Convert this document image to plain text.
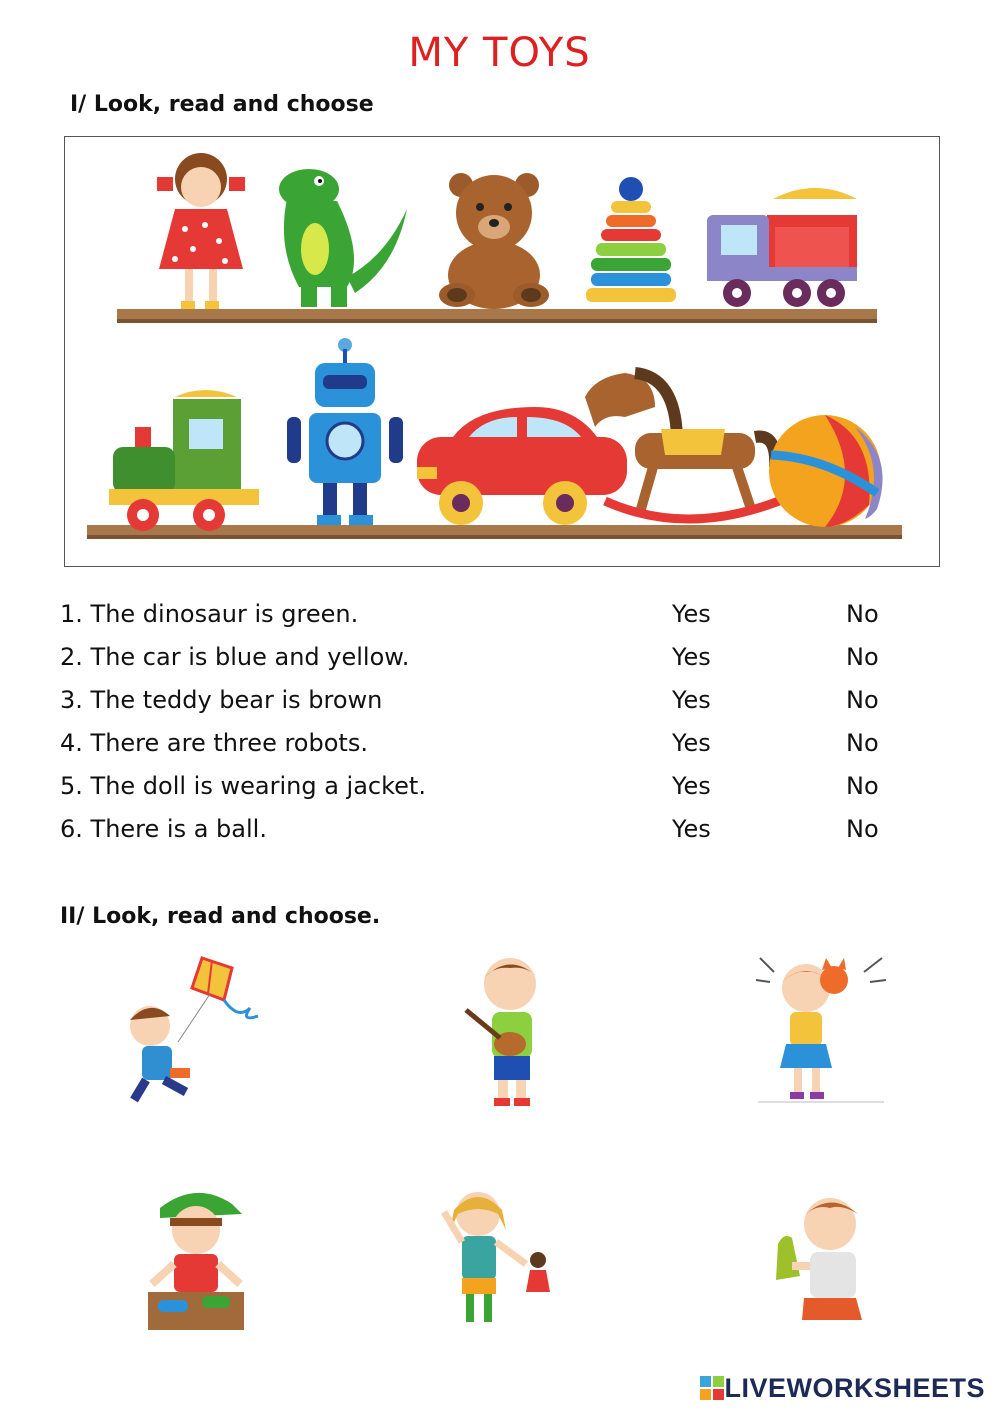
MY TOYS
I/ Look, read and choose
1. The dinosaur is green.	Yes	No
2. The car is blue and yellow.	Yes	No
3. The teddy bear is brown	Yes	No
4. There are three robots.	Yes	No
5. The doll is wearing a jacket.	Yes	No
6. There is a ball.	Yes	No
II/ Look, read and choose.
LIVEWORKSHEETS
